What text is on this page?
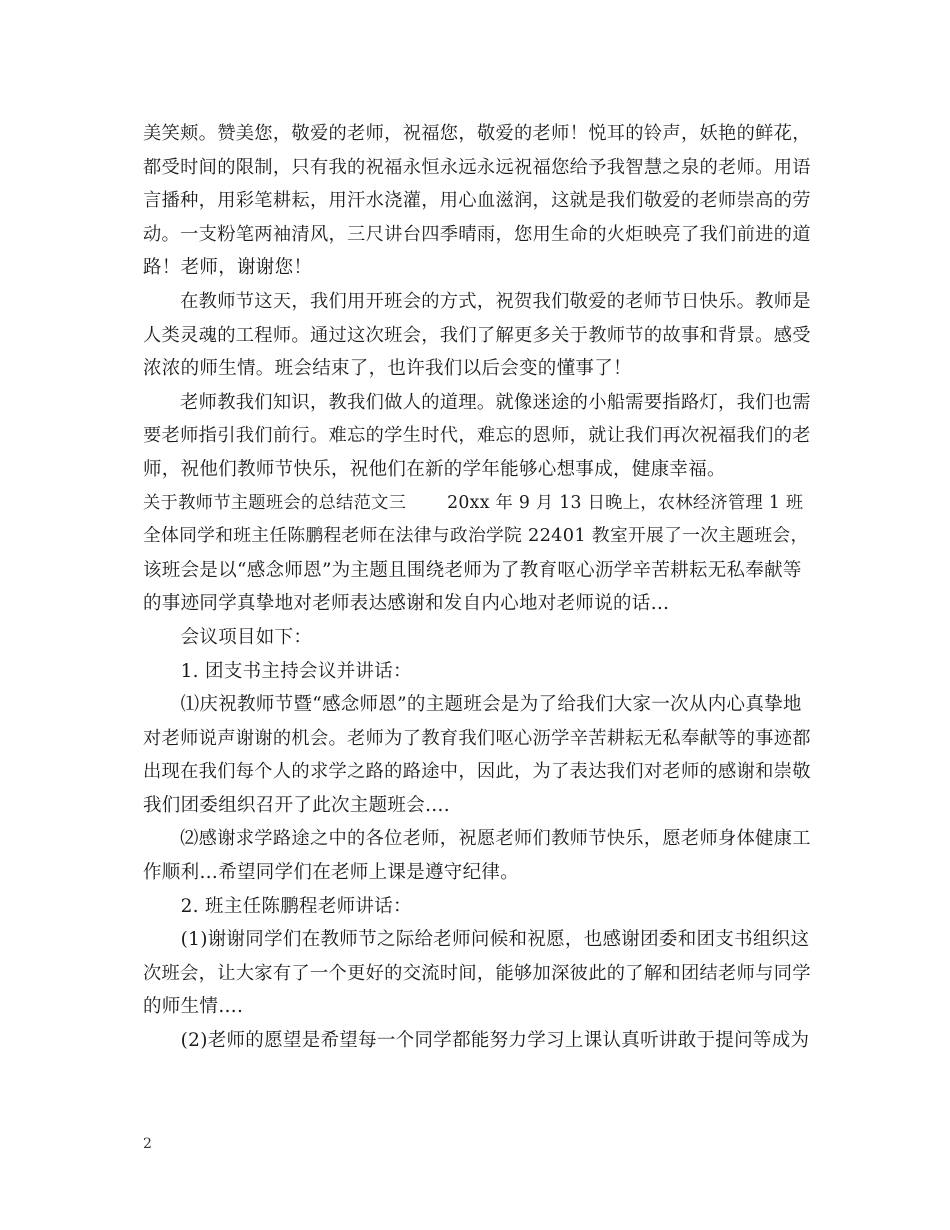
美笑颊。赞美您，敬爱的老师，祝福您，敬爱的老师！悦耳的铃声，妖艳的鲜花，
都受时间的限制，只有我的祝福永恒永远永远祝福您给予我智慧之泉的老师。用语
言播种，用彩笔耕耘，用汗水浇灌，用心血滋润，这就是我们敬爱的老师崇高的劳
动。一支粉笔两袖清风，三尺讲台四季晴雨，您用生命的火炬映亮了我们前进的道
路！老师，谢谢您！
　　在教师节这天，我们用开班会的方式，祝贺我们敬爱的老师节日快乐。教师是
人类灵魂的工程师。通过这次班会，我们了解更多关于教师节的故事和背景。感受
浓浓的师生情。班会结束了，也许我们以后会变的懂事了！
　　老师教我们知识，教我们做人的道理。就像迷途的小船需要指路灯，我们也需
要老师指引我们前行。难忘的学生时代，难忘的恩师，就让我们再次祝福我们的老
师，祝他们教师节快乐，祝他们在新的学年能够心想事成，健康幸福。
关于教师节主题班会的总结范文三　　 20xx 年 9 月 13 日晚上，农林经济管理 1 班
全体同学和班主任陈鹏程老师在法律与政治学院 22401 教室开展了一次主题班会，
该班会是以“感念师恩”为主题且围绕老师为了教育呕心沥学辛苦耕耘无私奉献等
的事迹同学真挚地对老师表达感谢和发自内心地对老师说的话…
　　会议项目如下：
　　1. 团支书主持会议并讲话：
　　⑴庆祝教师节暨“感念师恩”的主题班会是为了给我们大家一次从内心真挚地
对老师说声谢谢的机会。老师为了教育我们呕心沥学辛苦耕耘无私奉献等的事迹都
出现在我们每个人的求学之路的路途中，因此，为了表达我们对老师的感谢和崇敬
我们团委组织召开了此次主题班会….
　　⑵感谢求学路途之中的各位老师，祝愿老师们教师节快乐，愿老师身体健康工
作顺利…希望同学们在老师上课是遵守纪律。
　　2. 班主任陈鹏程老师讲话：
　　(1)谢谢同学们在教师节之际给老师问候和祝愿，也感谢团委和团支书组织这
次班会，让大家有了一个更好的交流时间，能够加深彼此的了解和团结老师与同学
的师生情….
　　(2)老师的愿望是希望每一个同学都能努力学习上课认真听讲敢于提问等成为
2
